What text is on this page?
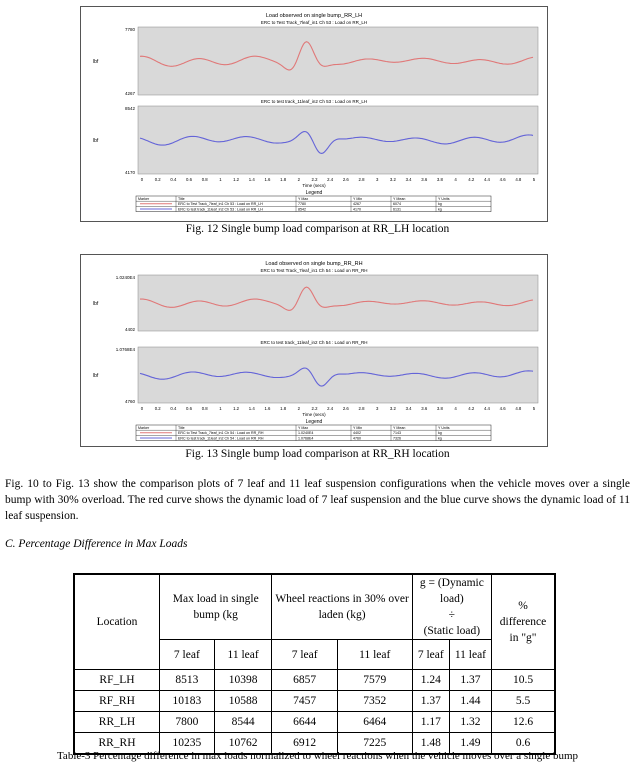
Load observed on single bump_RR_LH
ERC to Test Track_7leaf_in1 Ch 53 : Load on RR_LH
7780
4267
lbf
ERC to test track_11leaf_in2 Ch 53 : Load on RR_LH
8542
4170
lbf
0	0.2 0.4 0.6 0.8	1	1.2 1.4 1.6 1.8	2	2.2 2.4 2.6 2.8	3	3.2 3.4 3.6 3.8	4	4.2 4.4 4.6 4.8	5
Time (secs)
Legend
Marker	Title	Y Max	Y Min	Y Mean	Y Units
ERC to Test Track_7leaf_in1 Ch 53 : Load on RR_LH	7780	4267	6074	kg
ERC to test track_11leaf_in2 Ch 53 : Load on RR_LH	8542	4170	6131	kg
Fig. 12 Single bump load comparison at RR_LH location
Load observed on single bump_RR_RH
ERC to Test Track_7leaf_in1 Ch 54 : Load on RR_RH
1.0240E4
4402
lbf
ERC to test track_11leaf_in2 Ch 54 : Load on RR_RH
1.0768E4
4760
lbf
0	0.2 0.4 0.6 0.8	1	1.2 1.4 1.6 1.8	2	2.2 2.4 2.6 2.8	3	3.2 3.4 3.6 3.8	4	4.2 4.4 4.6 4.8	5
Time (secs)
Legend
Marker	Title	Y Max	Y Min	Y Mean	Y Units
ERC to Test Track_7leaf_in1 Ch 54 : Load on RR_RH	1.0240E4	4402	7143	kg
ERC to test track_11leaf_in2 Ch 54 : Load on RR_RH	1.0768E4	4760	7326	kg
Fig. 13 Single bump load comparison at RR_RH location
Fig. 10 to Fig. 13 show the comparison plots of 7 leaf and 11 leaf suspension configurations when the vehicle moves over a single bump with 30% overload. The red curve shows the dynamic load of 7 leaf suspension and the blue curve shows the dynamic load of 11 leaf suspension.
C. Percentage Difference in Max Loads
Location	Max load in single bump (kg		Wheel reactions in 30% over laden (kg)		g = (Dynamic load)
÷
(Static load)		% difference in "g"
	7 leaf	11 leaf	7 leaf	11 leaf	7 leaf	11 leaf	
RF_LH	8513	10398	6857	7579	1.24	1.37	10.5
RF_RH	10183	10588	7457	7352	1.37	1.44	5.5
RR_LH	7800	8544	6644	6464	1.17	1.32	12.6
RR_RH	10235	10762	6912	7225	1.48	1.49	0.6
Table-3 Percentage difference in max loads normalized to wheel reactions when the vehicle moves over a single bump
